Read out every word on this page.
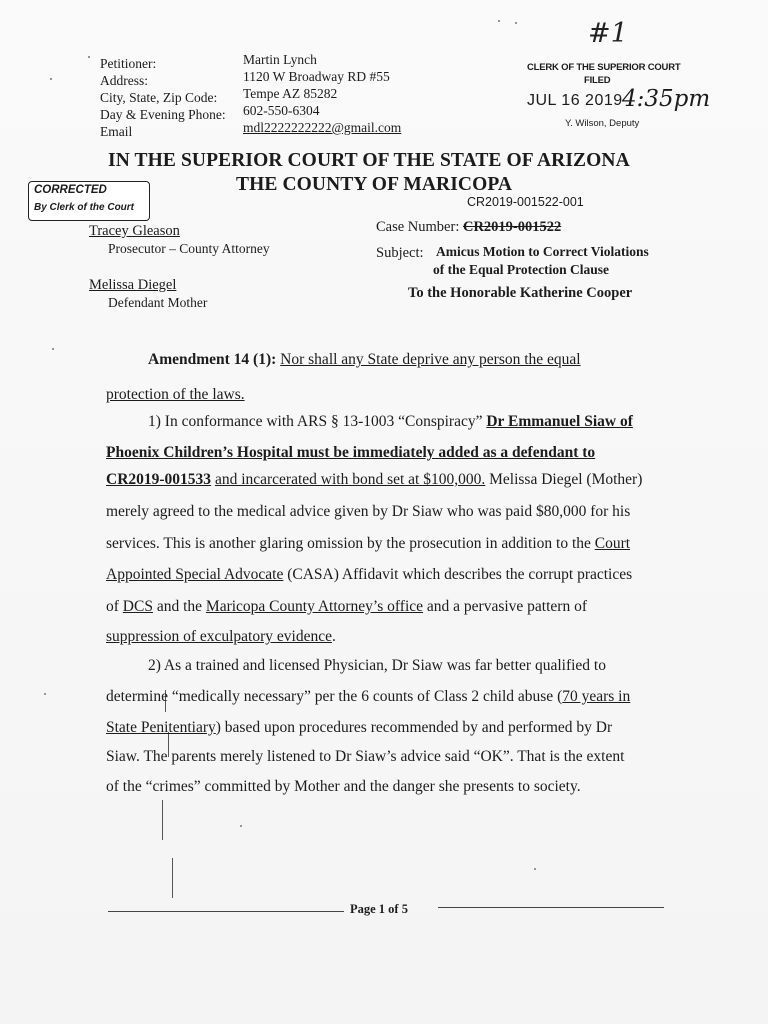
Petitioner:
Address:
City, State, Zip Code:
Day & Evening Phone:
Email
Martin Lynch
1120 W Broadway RD #55
Tempe AZ 85282
602-550-6304
mdl2222222222@gmail.com
#1
CLERK OF THE SUPERIOR COURT
FILED
JUL 16 2019 4:35pm
Y. Wilson, Deputy
IN THE SUPERIOR COURT OF THE STATE OF ARIZONA
THE COUNTY OF MARICOPA
CORRECTED
By Clerk of the Court
Tracey Gleason
Prosecutor – County Attorney
Melissa Diegel
Defendant Mother
CR2019-001522-001
Case Number: CR2019-001522
Subject: Amicus Motion to Correct Violations
of the Equal Protection Clause
To the Honorable Katherine Cooper
Amendment 14 (1): Nor shall any State deprive any person the equal
protection of the laws.
1) In conformance with ARS § 13-1003 “Conspiracy” Dr Emmanuel Siaw of
Phoenix Children’s Hospital must be immediately added as a defendant to
CR2019-001533 and incarcerated with bond set at $100,000. Melissa Diegel (Mother)
merely agreed to the medical advice given by Dr Siaw who was paid $80,000 for his
services. This is another glaring omission by the prosecution in addition to the Court
Appointed Special Advocate (CASA) Affidavit which describes the corrupt practices
of DCS and the Maricopa County Attorney’s office and a pervasive pattern of
suppression of exculpatory evidence.
2) As a trained and licensed Physician, Dr Siaw was far better qualified to
determine “medically necessary” per the 6 counts of Class 2 child abuse (70 years in
State Penitentiary) based upon procedures recommended by and performed by Dr
Siaw. The parents merely listened to Dr Siaw’s advice said “OK”. That is the extent
of the “crimes” committed by Mother and the danger she presents to society.
Page 1 of 5
